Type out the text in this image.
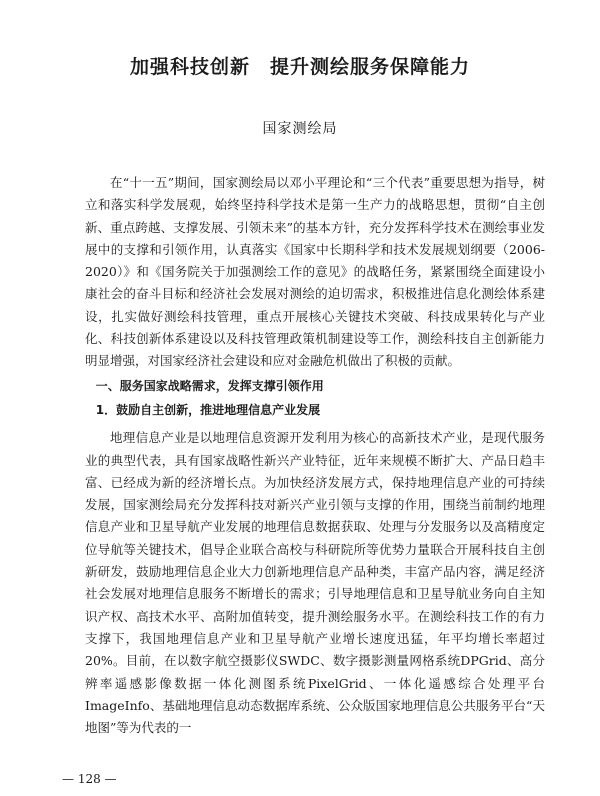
加强科技创新　提升测绘服务保障能力
国家测绘局

在“十一五”期间，国家测绘局以邓小平理论和“三个代表”重要思想为指导，树立和落实科学发展观，始终坚持科学技术是第一生产力的战略思想，贯彻“自主创新、重点跨越、支撑发展、引领未来”的基本方针，充分发挥科学技术在测绘事业发展中的支撑和引领作用，认真落实《国家中长期科学和技术发展规划纲要（2006-2020）》和《国务院关于加强测绘工作的意见》的战略任务，紧紧围绕全面建设小康社会的奋斗目标和经济社会发展对测绘的迫切需求，积极推进信息化测绘体系建设，扎实做好测绘科技管理，重点开展核心关键技术突破、科技成果转化与产业化、科技创新体系建设以及科技管理政策机制建设等工作，测绘科技自主创新能力明显增强，对国家经济社会建设和应对金融危机做出了积极的贡献。

一、服务国家战略需求，发挥支撑引领作用
1．鼓励自主创新，推进地理信息产业发展

地理信息产业是以地理信息资源开发利用为核心的高新技术产业，是现代服务业的典型代表，具有国家战略性新兴产业特征，近年来规模不断扩大、产品日趋丰富、已经成为新的经济增长点。为加快经济发展方式，保持地理信息产业的可持续发展，国家测绘局充分发挥科技对新兴产业引领与支撑的作用，围绕当前制约地理信息产业和卫星导航产业发展的地理信息数据获取、处理与分发服务以及高精度定位导航等关键技术，倡导企业联合高校与科研院所等优势力量联合开展科技自主创新研发，鼓励地理信息企业大力创新地理信息产品种类，丰富产品内容，满足经济社会发展对地理信息服务不断增长的需求；引导地理信息和卫星导航业务向自主知识产权、高技术水平、高附加值转变，提升测绘服务水平。在测绘科技工作的有力支撑下，我国地理信息产业和卫星导航产业增长速度迅猛，年平均增长率超过20%。目前，在以数字航空摄影仪SWDC、数字摄影测量网格系统DPGrid、高分辨率遥感影像数据一体化测图系统PixelGrid、一体化遥感综合处理平台ImageInfo、基础地理信息动态数据库系统、公众版国家地理信息公共服务平台“天地图”等为代表的一

— 128 —
